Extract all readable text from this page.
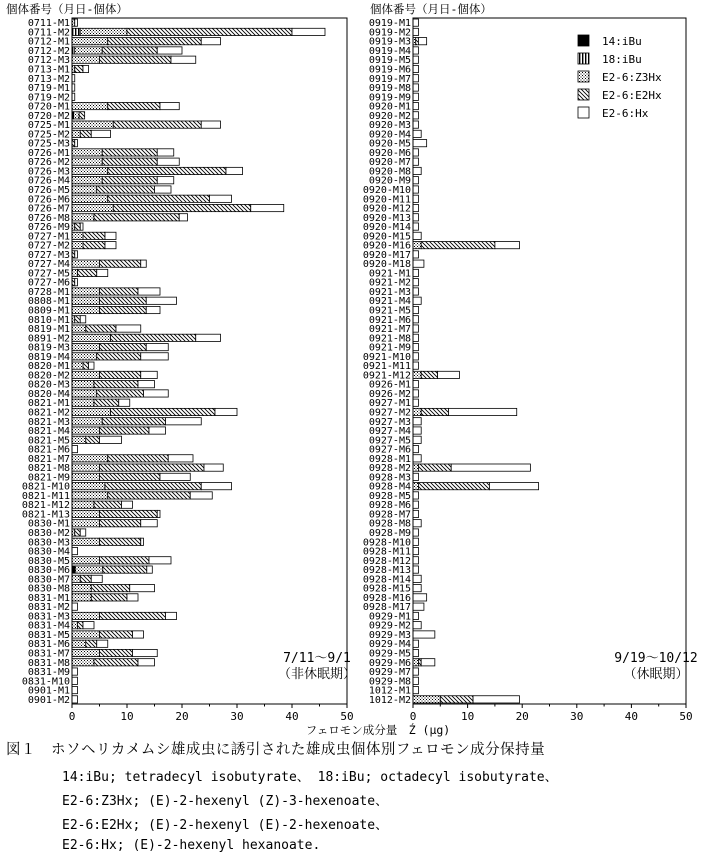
個体番号（月日-個体）
0711-M1
0711-M2
0712-M1
0712-M2
0712-M3
0713-M1
0713-M2
0719-M1
0719-M2
0720-M1
0720-M2
0725-M1
0725-M2
0725-M3
0726-M1
0726-M2
0726-M3
0726-M4
0726-M5
0726-M6
0726-M7
0726-M8
0726-M9
0727-M1
0727-M2
0727-M3
0727-M4
0727-M5
0727-M6
0728-M1
0808-M1
0809-M1
0810-M1
0819-M1
0891-M2
0819-M3
0819-M4
0820-M1
0820-M2
0820-M3
0820-M4
0821-M1
0821-M2
0821-M3
0821-M4
0821-M5
0821-M6
0821-M7
0821-M8
0821-M9
0821-M10
0821-M11
0821-M12
0821-M13
0830-M1
0830-M2
0830-M3
0830-M4
0830-M5
0830-M6
0830-M7
0830-M8
0831-M1
0831-M2
0831-M3
0831-M4
0831-M5
0831-M6
0831-M7
0831-M8
0831-M9
0831-M10
0901-M1
0901-M2
0	10	20	30	40	50
7/11～9/1
（非休眠期）
個体番号（月日-個体）
0919-M1
0919-M2
0919-M3
0919-M4
0919-M5
0919-M6
0919-M7
0919-M8
0919-M9
0920-M1
0920-M2
0920-M3
0920-M4
0920-M5
0920-M6
0920-M7
0920-M8
0920-M9
0920-M10
0920-M11
0920-M12
0920-M13
0920-M14
0920-M15
0920-M16
0920-M17
0920-M18
0921-M1
0921-M2
0921-M3
0921-M4
0921-M5
0921-M6
0921-M7
0921-M8
0921-M9
0921-M10
0921-M11
0921-M12
0926-M1
0926-M2
0927-M1
0927-M2
0927-M3
0927-M4
0927-M5
0927-M6
0928-M1
0928-M2
0928-M3
0928-M4
0928-M5
0928-M6
0928-M7
0928-M8
0928-M9
0928-M10
0928-M11
0928-M12
0928-M13
0928-M14
0928-M15
0928-M16
0928-M17
0929-M1
0929-M2
0929-M3
0929-M4
0929-M5
0929-M6
0929-M7
0929-M8
1012-M1
1012-M2
0	10	20	30	40	50
9/19～10/12
（休眠期）
フェロモン成分量　Ź (μg)
14:iBu
18:iBu
E2-6:Z3Hx
E2-6:E2Hx
E2-6:Hx
図１　ホソヘリカメムシ雄成虫に誘引された雄成虫個体別フェロモン成分保持量
14:iBu; tetradecyl isobutyrate、 18:iBu; octadecyl isobutyrate、
E2-6:Z3Hx; (E)-2-hexenyl (Z)-3-hexenoate、
E2-6:E2Hx; (E)-2-hexenyl (E)-2-hexenoate、
E2-6:Hx; (E)-2-hexenyl hexanoate.
